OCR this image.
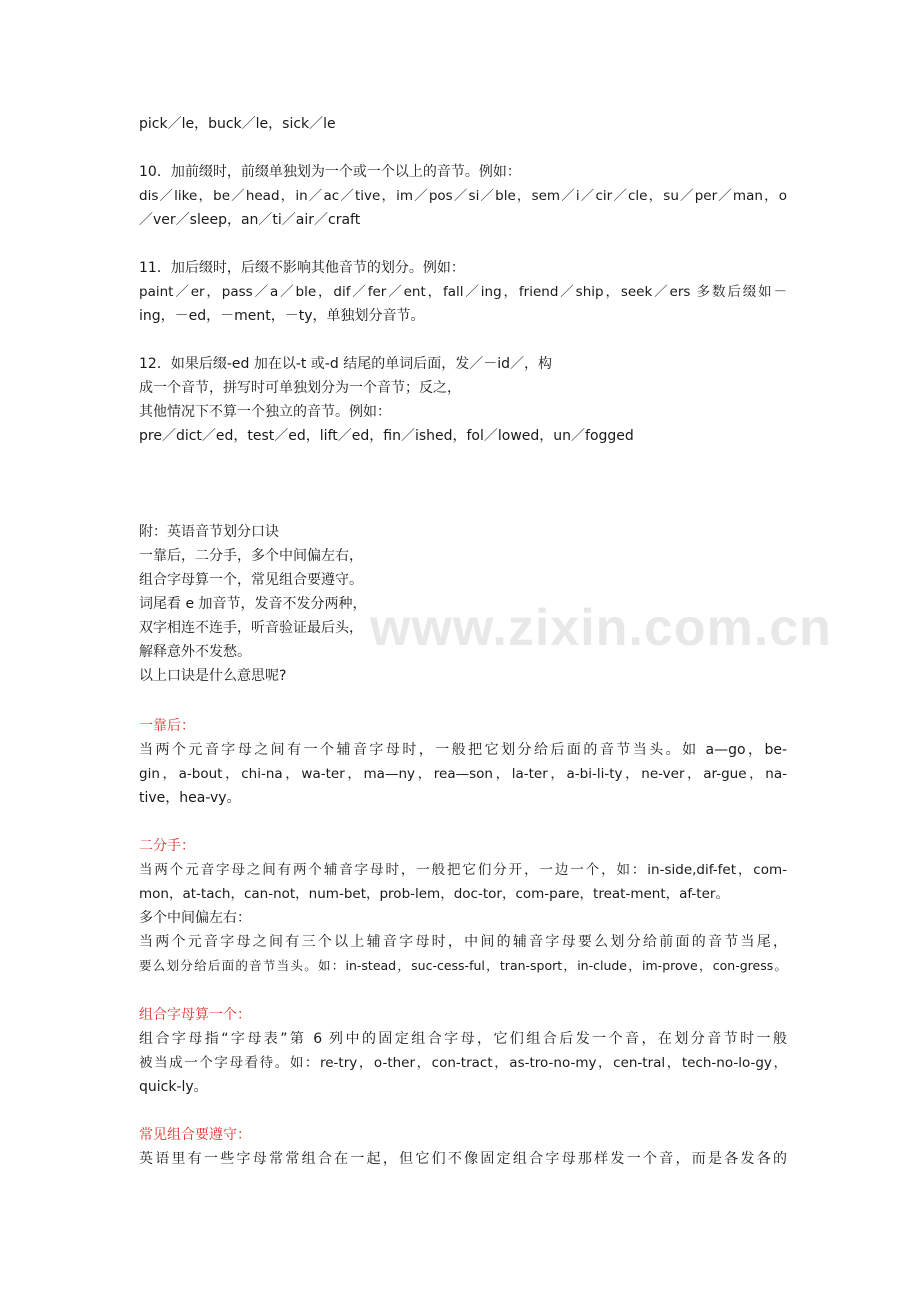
www.zixin.com.cn
pick／le，buck／le，sick／le
10．加前缀时，前缀单独划为一个或一个以上的音节。例如：
dis／like，be／head，in／ac／tive，im／pos／si／ble，sem／i／cir／cle，su／per／man，o
／ver／sleep，an／ti／air／craft
11．加后缀时，后缀不影响其他音节的划分。例如：
paint／er，pass／a／ble，dif／fer／ent，fall／ing，friend／ship，seek／ers 多数后缀如－
ing，－ed，－ment，－ty，单独划分音节。
12．如果后缀-ed 加在以-t 或-d 结尾的单词后面，发／－id／，构
成一个音节，拼写时可单独划分为一个音节；反之，
其他情况下不算一个独立的音节。例如：
pre／dict／ed，test／ed，lift／ed，fin／ished，fol／lowed，un／fogged
附：英语音节划分口诀
一靠后，二分手，多个中间偏左右，
组合字母算一个，常见组合要遵守。
词尾看 e 加音节，发音不发分两种，
双字相连不连手，听音验证最后头，
解释意外不发愁。
以上口诀是什么意思呢?
一靠后：
当两个元音字母之间有一个辅音字母时，一般把它划分给后面的音节当头。如 a—go，be-
gin，a-bout，chi-na，wa-ter，ma—ny，rea—son，la-ter，a-bi-li-ty，ne-ver，ar-gue，na-
tive，hea-vy。
二分手：
当两个元音字母之间有两个辅音字母时，一般把它们分开，一边一个，如：in-side,dif-fet，com-
mon，at-tach，can-not，num-bet，prob-lem，doc-tor，com-pare，treat-ment，af-ter。
多个中间偏左右：
当两个元音字母之间有三个以上辅音字母时，中间的辅音字母要么划分给前面的音节当尾，
要么划分给后面的音节当头。如：in-stead，suc-cess-ful，tran-sport，in-clude，im-prove，con-gress。
组合字母算一个：
组合字母指“字母表”第 6 列中的固定组合字母，它们组合后发一个音，在划分音节时一般
被当成一个字母看待。如：re-try，o-ther，con-tract，as-tro-no-my，cen-tral，tech-no-lo-gy，
quick-ly。
常见组合要遵守：
英语里有一些字母常常组合在一起，但它们不像固定组合字母那样发一个音，而是各发各的
